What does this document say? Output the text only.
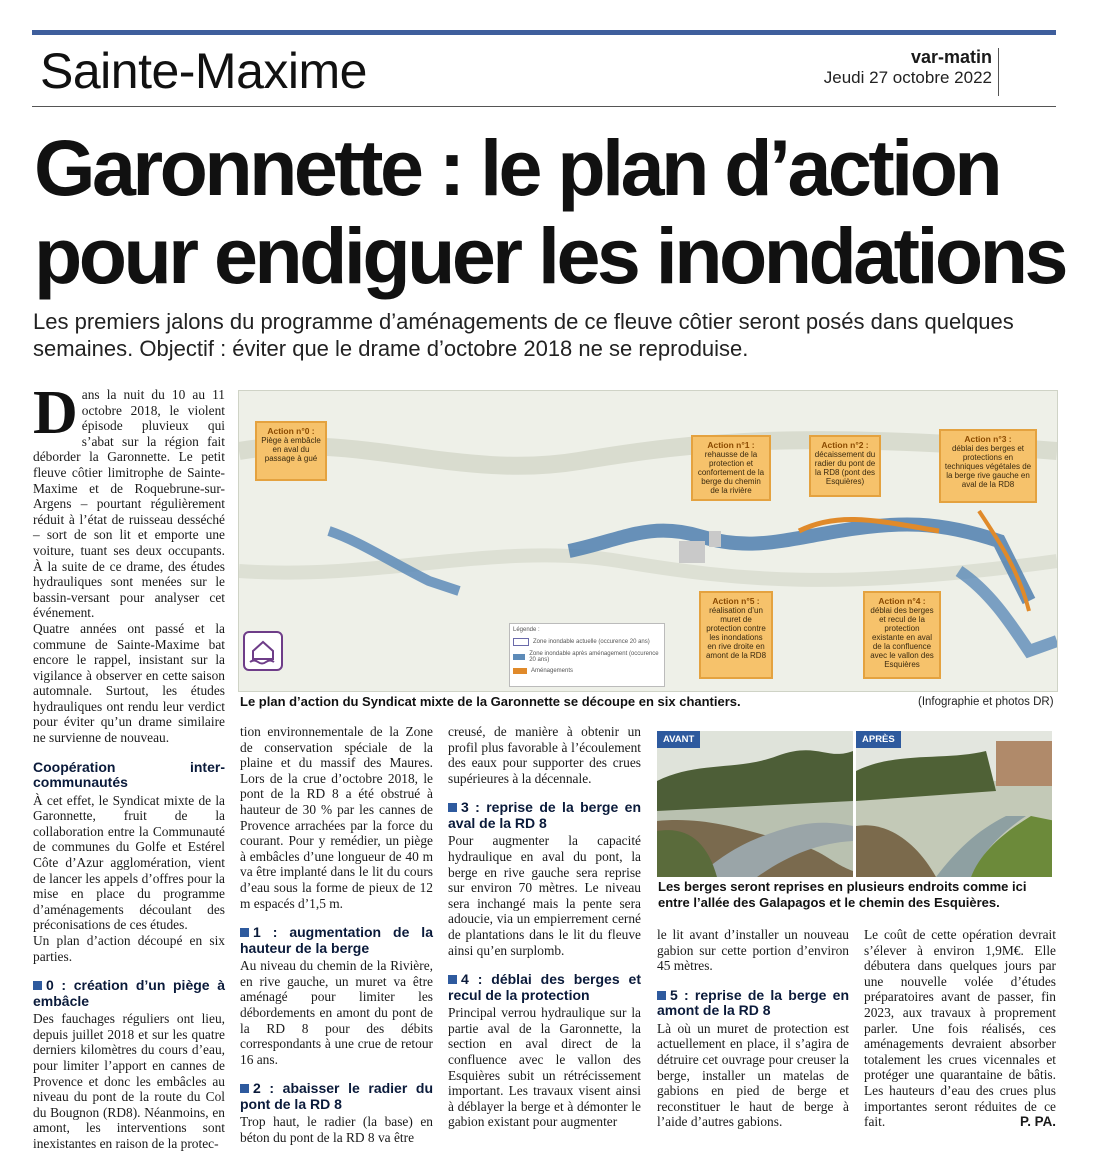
Sainte-Maxime	var-matin
Jeudi 27 octobre 2022
Garonnette : le plan d’action
pour endiguer les inondations

Les premiers jalons du programme d’aménagements de ce fleuve côtier seront posés dans quelques semaines. Objectif : éviter que le drame d’octobre 2018 ne se reproduise.

D ans la nuit du 10 au 11 octobre 2018, le violent épisode pluvieux qui s’abat sur la région fait déborder la Garonnette. Le petit fleuve côtier limitrophe de Sainte-Maxime et de Roquebrune-sur-Argens – pourtant régulièrement réduit à l’état de ruisseau desséché – sort de son lit et emporte une voiture, tuant ses deux occupants. À la suite de ce drame, des études hydrauliques sont menées sur le bassin-versant pour analyser cet événement.

Quatre années ont passé et la commune de Sainte-Maxime bat encore le rappel, insistant sur la vigilance à observer en cette saison automnale. Surtout, les études hydrauliques ont rendu leur verdict pour éviter qu’un drame similaire ne survienne de nouveau.

Coopération inter-communautés

À cet effet, le Syndicat mixte de la Garonnette, fruit de la collaboration entre la Communauté de communes du Golfe et Estérel Côte d’Azur agglomération, vient de lancer les appels d’offres pour la mise en place du programme d’aménagements découlant des préconisations de ces études.

Un plan d’action découpé en six parties.

0 : création d’un piège à embâcle

Des fauchages réguliers ont lieu, depuis juillet 2018 et sur les quatre derniers kilomètres du cours d’eau, pour limiter l’apport en cannes de Provence et donc les embâcles au niveau du pont de la route du Col du Bougnon (RD8). Néanmoins, en amont, les interventions sont inexistantes en raison de la protec-

Action n°0 :
Piège à embâcle en aval du passage à gué
Action n°1 :
rehausse de la protection et confortement de la berge du chemin de la rivière
Action n°2 :
décaissement du radier du pont de la RD8 (pont des Esquières)
Action n°3 :
déblai des berges et protections en techniques végétales de la berge rive gauche en aval de la RD8
Action n°5 :
réalisation d’un muret de protection contre les inondations en rive droite en amont de la RD8
Action n°4 :
déblai des berges et recul de la protection existante en aval de la confluence avec le vallon des Esquières
Légende :
Zone inondable actuelle (occurence 20 ans)
Zone inondable après aménagement (occurence 20 ans)
Aménagements
Le plan d’action du Syndicat mixte de la Garonnette se découpe en six chantiers.	(Infographie et photos DR)

tion environnementale de la Zone de conservation spéciale de la plaine et du massif des Maures. Lors de la crue d’octobre 2018, le pont de la RD 8 a été obstrué à hauteur de 30 % par les cannes de Provence arrachées par la force du courant. Pour y remédier, un piège à embâcles d’une longueur de 40 m va être implanté dans le lit du cours d’eau sous la forme de pieux de 12 m espacés d’1,5 m.

1 : augmentation de la hauteur de la berge

Au niveau du chemin de la Rivière, en rive gauche, un muret va être aménagé pour limiter les débordements en amont du pont de la RD 8 pour des débits correspondants à une crue de retour 16 ans.

2 : abaisser le radier du pont de la RD 8

Trop haut, le radier (la base) en béton du pont de la RD 8 va être

creusé, de manière à obtenir un profil plus favorable à l’écoulement des eaux pour supporter des crues supérieures à la décennale.

3 : reprise de la berge en aval de la RD 8

Pour augmenter la capacité hydraulique en aval du pont, la berge en rive gauche sera reprise sur environ 70 mètres. Le niveau sera inchangé mais la pente sera adoucie, via un empierrement cerné de plantations dans le lit du fleuve ainsi qu’en surplomb.

4 : déblai des berges et recul de la protection

Principal verrou hydraulique sur la partie aval de la Garonnette, la section en aval direct de la confluence avec le vallon des Esquières subit un rétrécissement important. Les travaux visent ainsi à déblayer la berge et à démonter le gabion existant pour augmenter

AVANT	APRÈS
Les berges seront reprises en plusieurs endroits comme ici entre l’allée des Galapagos et le chemin des Esquières.

le lit avant d’installer un nouveau gabion sur cette portion d’environ 45 mètres.

5 : reprise de la berge en amont de la RD 8

Là où un muret de protection est actuellement en place, il s’agira de détruire cet ouvrage pour creuser la berge, installer un matelas de gabions en pied de berge et reconstituer le haut de berge à l’aide d’autres gabions.

Le coût de cette opération devrait s’élever à environ 1,9M€. Elle débutera dans quelques jours par une nouvelle volée d’études préparatoires avant de passer, fin 2023, aux travaux à proprement parler. Une fois réalisés, ces aménagements devraient absorber totalement les crues vicennales et protéger une quarantaine de bâtis. Les hauteurs d’eau des crues plus importantes seront réduites de ce fait.	P. PA.
